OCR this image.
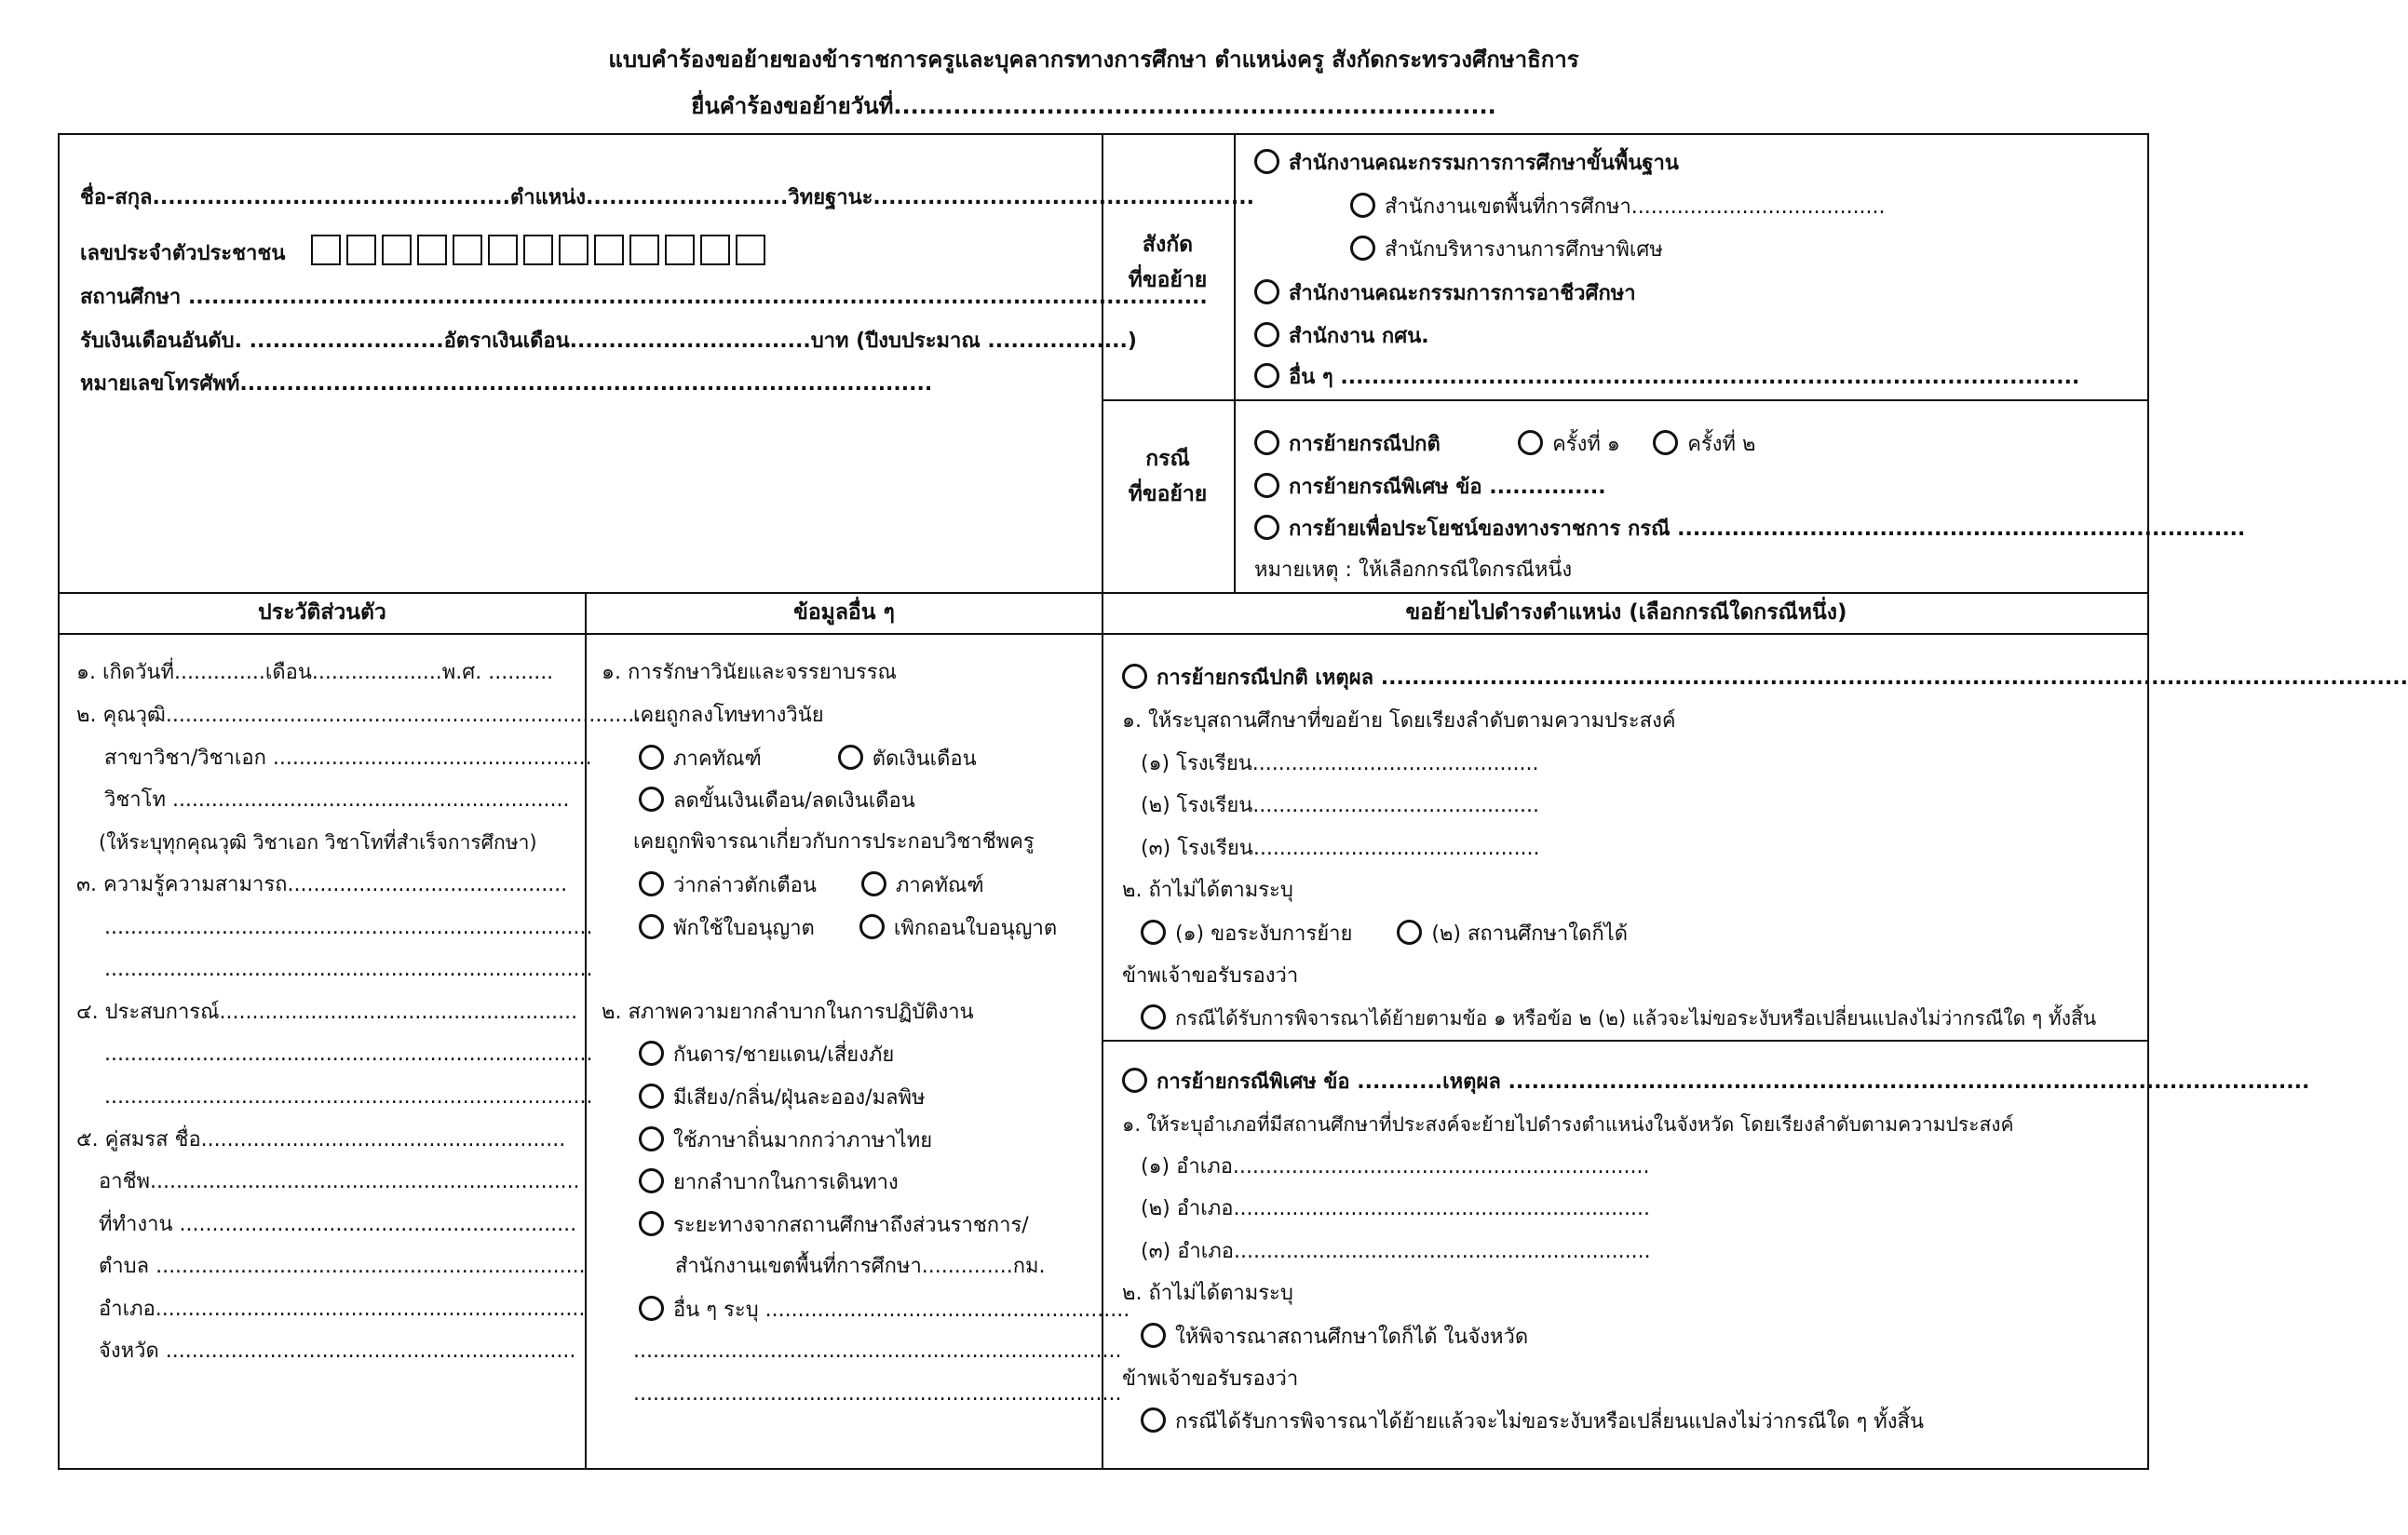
แบบคำร้องขอย้ายของข้าราชการครูและบุคลากรทางการศึกษา ตำแหน่งครู สังกัดกระทรวงศึกษาธิการ
ยื่นคำร้องขอย้ายวันที่.......................................................................
ชื่อ-สกุล..............................................ตำแหน่ง..........................วิทยฐานะ.................................................
เลขประจำตัวประชาชน
สถานศึกษา ...................................................................................................................................
รับเงินเดือนอันดับ. .........................อัตราเงินเดือน...............................บาท (ปีงบประมาณ ..................)
หมายเลขโทรศัพท์.........................................................................................
สังกัด
ที่ขอย้าย
สำนักงานคณะกรรมการการศึกษาขั้นพื้นฐาน
สำนักงานเขตพื้นที่การศึกษา.......................................
สำนักบริหารงานการศึกษาพิเศษ
สำนักงานคณะกรรมการการอาชีวศึกษา
สำนักงาน กศน.
อื่น ๆ ...............................................................................................
กรณี
ที่ขอย้าย
การย้ายกรณีปกติ	ครั้งที่ ๑	ครั้งที่ ๒
การย้ายกรณีพิเศษ ข้อ ...............
การย้ายเพื่อประโยชน์ของทางราชการ กรณี .........................................................................
หมายเหตุ : ให้เลือกกรณีใดกรณีหนึ่ง
ประวัติส่วนตัว	ข้อมูลอื่น ๆ	ขอย้ายไปดำรงตำแหน่ง (เลือกกรณีใดกรณีหนึ่ง)
๑. เกิดวันที่..............เดือน....................พ.ศ. ..........
๒. คุณวุฒิ.............................................................................
สาขาวิชา/วิชาเอก .................................................
วิชาโท .............................................................
(ให้ระบุทุกคุณวุฒิ วิชาเอก วิชาโทที่สำเร็จการศึกษา)
๓. ความรู้ความสามารถ...........................................
...........................................................................
...........................................................................
๔. ประสบการณ์.......................................................
...........................................................................
...........................................................................
๕. คู่สมรส ชื่อ........................................................
อาชีพ..................................................................
ที่ทำงาน .............................................................
ตำบล ..................................................................
อำเภอ..................................................................
จังหวัด ...............................................................
๑. การรักษาวินัยและจรรยาบรรณ
เคยถูกลงโทษทางวินัย
ภาคทัณฑ์	ตัดเงินเดือน
ลดขั้นเงินเดือน/ลดเงินเดือน
เคยถูกพิจารณาเกี่ยวกับการประกอบวิชาชีพครู
ว่ากล่าวตักเตือน	ภาคทัณฑ์
พักใช้ใบอนุญาต	เพิกถอนใบอนุญาต
๒. สภาพความยากลำบากในการปฏิบัติงาน
กันดาร/ชายแดน/เสี่ยงภัย
มีเสียง/กลิ่น/ฝุ่นละออง/มลพิษ
ใช้ภาษาถิ่นมากกว่าภาษาไทย
ยากลำบากในการเดินทาง
ระยะทางจากสถานศึกษาถึงส่วนราชการ/
สำนักงานเขตพื้นที่การศึกษา..............กม.
อื่น ๆ ระบุ ........................................................
...........................................................................
...........................................................................
การย้ายกรณีปกติ เหตุผล ....................................................................................................................................
๑. ให้ระบุสถานศึกษาที่ขอย้าย โดยเรียงลำดับตามความประสงค์
(๑) โรงเรียน............................................
(๒) โรงเรียน............................................
(๓) โรงเรียน............................................
๒. ถ้าไม่ได้ตามระบุ
(๑) ขอระงับการย้าย	(๒) สถานศึกษาใดก็ได้
ข้าพเจ้าขอรับรองว่า
กรณีได้รับการพิจารณาได้ย้ายตามข้อ ๑ หรือข้อ ๒ (๒) แล้วจะไม่ขอระงับหรือเปลี่ยนแปลงไม่ว่ากรณีใด ๆ ทั้งสิ้น
การย้ายกรณีพิเศษ ข้อ ...........เหตุผล .......................................................................................................
๑. ให้ระบุอำเภอที่มีสถานศึกษาที่ประสงค์จะย้ายไปดำรงตำแหน่งในจังหวัด โดยเรียงลำดับตามความประสงค์
(๑) อำเภอ................................................................
(๒) อำเภอ................................................................
(๓) อำเภอ................................................................
๒. ถ้าไม่ได้ตามระบุ
ให้พิจารณาสถานศึกษาใดก็ได้ ในจังหวัด
ข้าพเจ้าขอรับรองว่า
กรณีได้รับการพิจารณาได้ย้ายแล้วจะไม่ขอระงับหรือเปลี่ยนแปลงไม่ว่ากรณีใด ๆ ทั้งสิ้น
